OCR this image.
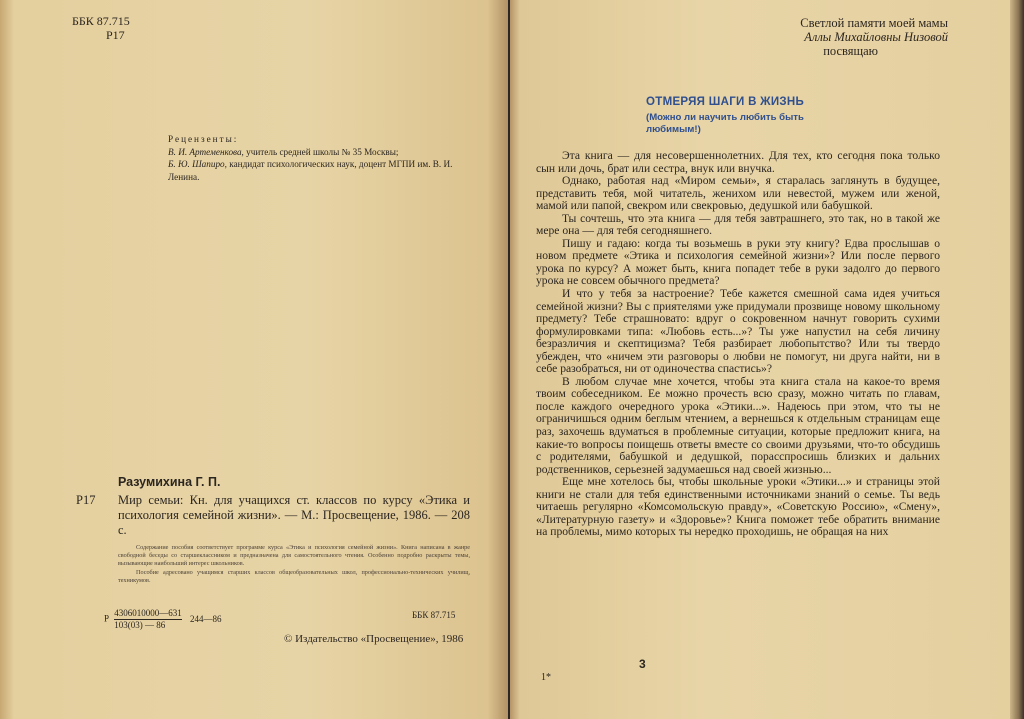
ББК 87.715
Р17
Рецензенты:
В. И. Артеменкова, учитель средней школы № 35 Москвы;
Б. Ю. Шапиро, кандидат психологических наук, доцент МГПИ им. В. И. Ленина.
Разумихина Г. П.
Р17 Мир семьи: Кн. для учащихся ст. классов по курсу «Этика и психология семейной жизни». — М.: Просвещение, 1986. — 208 с.
Содержание пособия соответствует программе курса «Этика и психология семейной жизни». Книга написана в жанре свободной беседы со старшеклассником и предназначена для самостоятельного чтения. Особенно подробно раскрыты темы, вызывающие наибольший интерес школьников.
Пособие адресовано учащимся старших классов общеобразовательных школ, профессионально-технических училищ, техникумов.
Р $\frac{4306010000—631}{103(03) — 86}$ 244—86	ББК 87.715
© Издательство «Просвещение», 1986
Светлой памяти моей мамы
Аллы Михайловны Низовой
посвящаю
ОТМЕРЯЯ ШАГИ В ЖИЗНЬ
(Можно ли научить любить быть любимым!)

Эта книга — для несовершеннолетних. Для тех, кто сегодня пока только сын или дочь, брат или сестра, внук или внучка.

Однако, работая над «Миром семьи», я старалась заглянуть в будущее, представить тебя, мой читатель, женихом или невестой, мужем или женой, мамой или папой, свекром или свекровью, дедушкой или бабушкой.

Ты сочтешь, что эта книга — для тебя завтрашнего, это так, но в такой же мере она — для тебя сегодняшнего.

Пишу и гадаю: когда ты возьмешь в руки эту книгу? Едва прослышав о новом предмете «Этика и психология семейной жизни»? Или после первого урока по курсу? А может быть, книга попадет тебе в руки задолго до первого урока не совсем обычного предмета?

И что у тебя за настроение? Тебе кажется смешной сама идея учиться семейной жизни? Вы с приятелями уже придумали прозвище новому школьному предмету? Тебе страшновато: вдруг о сокровенном начнут говорить сухими формулировками типа: «Любовь есть...»? Ты уже напустил на себя личину безразличия и скептицизма? Тебя разбирает любопытство? Или ты твердо убежден, что «ничем эти разговоры о любви не помогут, ни друга найти, ни в себе разобраться, ни от одиночества спастись»?

В любом случае мне хочется, чтобы эта книга стала на какое-то время твоим собеседником. Ее можно прочесть всю сразу, можно читать по главам, после каждого очередного урока «Этики...». Надеюсь при этом, что ты не ограничишься одним беглым чтением, а вернешься к отдельным страницам еще раз, захочешь вдуматься в проблемные ситуации, которые предложит книга, на какие-то вопросы поищешь ответы вместе со своими друзьями, что-то обсудишь с родителями, бабушкой и дедушкой, порасспросишь близких и дальних родственников, серьезней задумаешься над своей жизнью...

Еще мне хотелось бы, чтобы школьные уроки «Этики...» и страницы этой книги не стали для тебя единственными источниками знаний о семье. Ты ведь читаешь регулярно «Комсомольскую правду», «Советскую Россию», «Смену», «Литературную газету» и «Здоровье»? Книга поможет тебе обратить внимание на проблемы, мимо которых ты нередко проходишь, не обращая на них

3
1*
